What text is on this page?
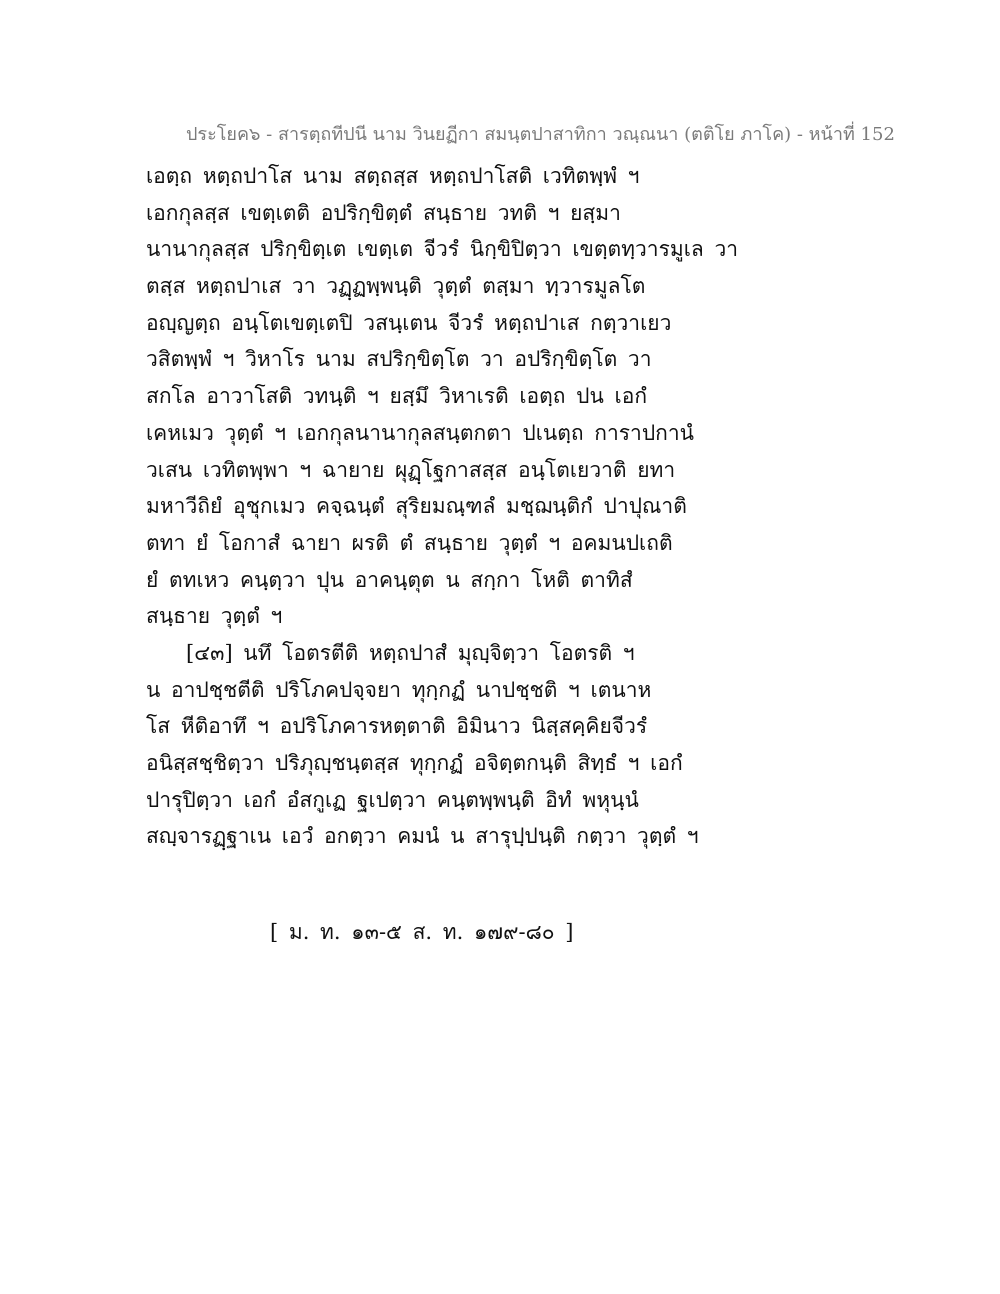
ประโยค๖ - สารตฺถทีปนี นาม วินยฏีกา สมนฺตปาสาทิกา วณฺณนา (ตติโย ภาโค) - หน้าที่ 152
เอตฺถ หตฺถปาโส นาม สตฺถสฺส หตฺถปาโสติ เวทิตพฺพํ ฯ
เอกกุลสฺส เขตฺเตติ อปริกฺขิตฺตํ สนฺธาย วทติ ฯ ยสฺมา
นานากุลสฺส ปริกฺขิตฺเต เขตฺเต จีวรํ นิกฺขิปิตฺวา เขตฺตทฺวารมูเล วา
ตสฺส หตฺถปาเส วา วฏฺฏพฺพนฺติ วุตฺตํ ตสฺมา ทฺวารมูลโต
อญฺญตฺถ อนฺโตเขตฺเตปิ วสนฺเตน จีวรํ หตฺถปาเส กตฺวาเยว
วสิตพฺพํ ฯ วิหาโร นาม สปริกฺขิตฺโต วา อปริกฺขิตฺโต วา
สกโล อาวาโสติ วทนฺติ ฯ ยสฺมึ วิหาเรติ เอตฺถ ปน เอกํ
เคหเมว วุตฺตํ ฯ เอกกุลนานากุลสนฺตกตา ปเนตฺถ การาปกานํ
วเสน เวทิตพฺพา ฯ ฉายาย ผุฏฺโฐกาสสฺส อนฺโตเยวาติ ยทา
มหาวีถิยํ อุชุกเมว คจฺฉนฺตํ สุริยมณฺฑลํ มชฺฌนฺติกํ ปาปุณาติ
ตทา ยํ โอกาสํ ฉายา ผรติ ตํ สนฺธาย วุตฺตํ ฯ อคมนปเถติ
ยํ ตทเหว คนฺตฺวา ปุน อาคนฺตุต น สกฺกา โหติ ตาทิสํ
สนฺธาย วุตฺตํ ฯ
[๔๓] นทึ โอตรตีติ หตฺถปาสํ มุญฺจิตฺวา โอตรติ ฯ
น อาปชฺชตีติ ปริโภคปจฺจยา ทุกฺกฏํ นาปชฺชติ ฯ เตนาห
โส หีติอาทึ ฯ อปริโภคารหตฺตาติ อิมินาว นิสฺสคฺคิยจีวรํ
อนิสฺสชฺชิตฺวา ปริภุญฺชนฺตสฺส ทุกฺกฏํ อจิตฺตกนฺติ สิทฺธํ ฯ เอกํ
ปารุปิตฺวา เอกํ อํสกูเฏ ฐเปตฺวา คนฺตพฺพนฺติ อิทํ พหุนฺนํ
สญฺจารฏฺฐาเน เอวํ อกตฺวา คมนํ น สารุปฺปนฺติ กตฺวา วุตฺตํ ฯ
[ ม. ท. ๑๓-๕ ส. ท. ๑๗๙-๘๐ ]
